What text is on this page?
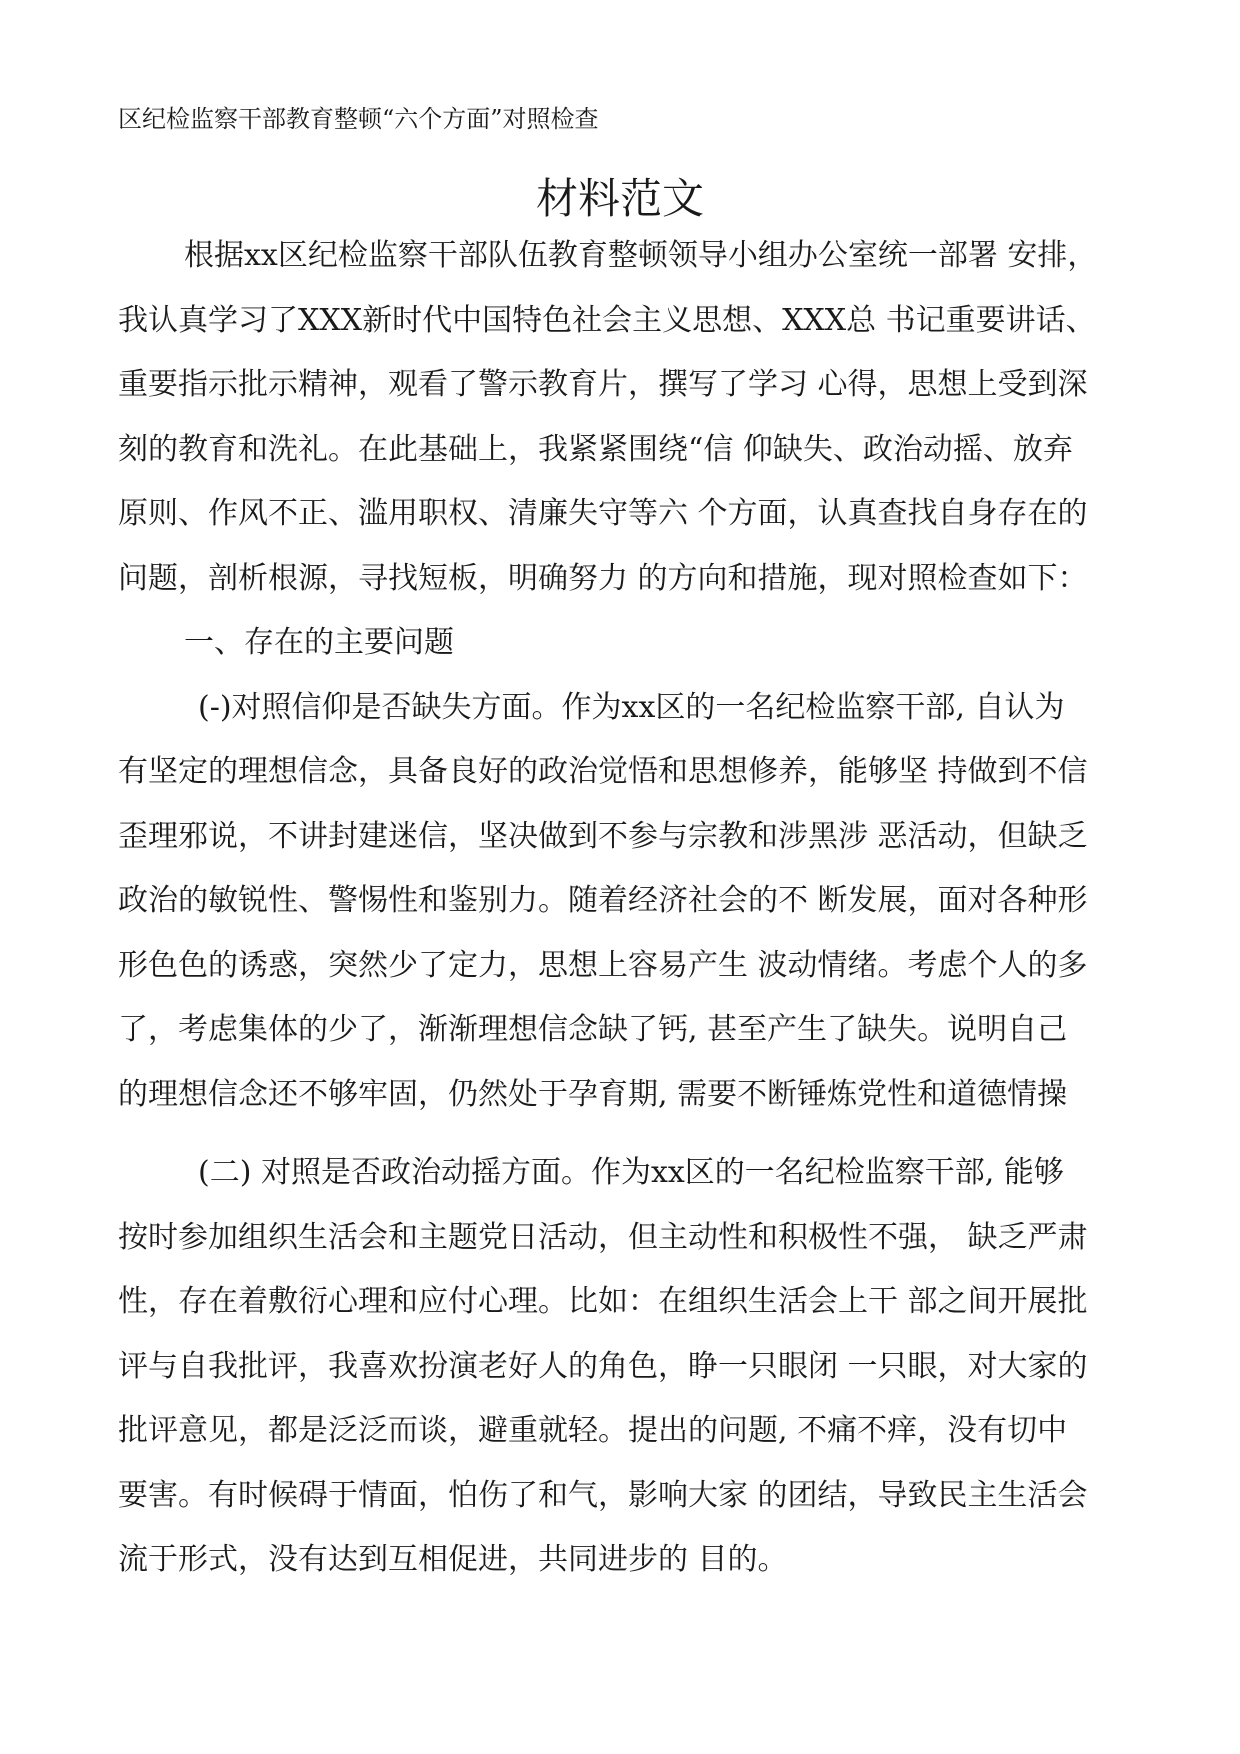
区纪检监察干部教育整顿“六个方面”对照检查
材料范文
根据xx区纪检监察干部队伍教育整顿领导小组办公室统一部署 安排，
我认真学习了XXX新时代中国特色社会主义思想、XXX总 书记重要讲话、
重要指示批示精神，观看了警示教育片，撰写了学习 心得，思想上受到深
刻的教育和洗礼。在此基础上，我紧紧围绕“信 仰缺失、政治动摇、放弃
原则、作风不正、滥用职权、清廉失守等六 个方面，认真查找自身存在的
问题，剖析根源，寻找短板，明确努力 的方向和措施，现对照检查如下：
一、存在的主要问题
(-)对照信仰是否缺失方面。作为xx区的一名纪检监察干部, 自认为
有坚定的理想信念，具备良好的政治觉悟和思想修养，能够坚 持做到不信
歪理邪说，不讲封建迷信，坚决做到不参与宗教和涉黑涉 恶活动，但缺乏
政治的敏锐性、警惕性和鉴别力。随着经济社会的不 断发展，面对各种形
形色色的诱惑，突然少了定力，思想上容易产生 波动情绪。考虑个人的多
了，考虑集体的少了，渐渐理想信念缺了钙, 甚至产生了缺失。说明自己
的理想信念还不够牢固，仍然处于孕育期, 需要不断锤炼党性和道德情操
(二) 对照是否政治动摇方面。作为xx区的一名纪检监察干部, 能够
按时参加组织生活会和主题党日活动，但主动性和积极性不强， 缺乏严肃
性，存在着敷衍心理和应付心理。比如：在组织生活会上干 部之间开展批
评与自我批评，我喜欢扮演老好人的角色，睁一只眼闭 一只眼，对大家的
批评意见，都是泛泛而谈，避重就轻。提出的问题, 不痛不痒，没有切中
要害。有时候碍于情面，怕伤了和气，影响大家 的团结，导致民主生活会
流于形式，没有达到互相促进，共同进步的 目的。
